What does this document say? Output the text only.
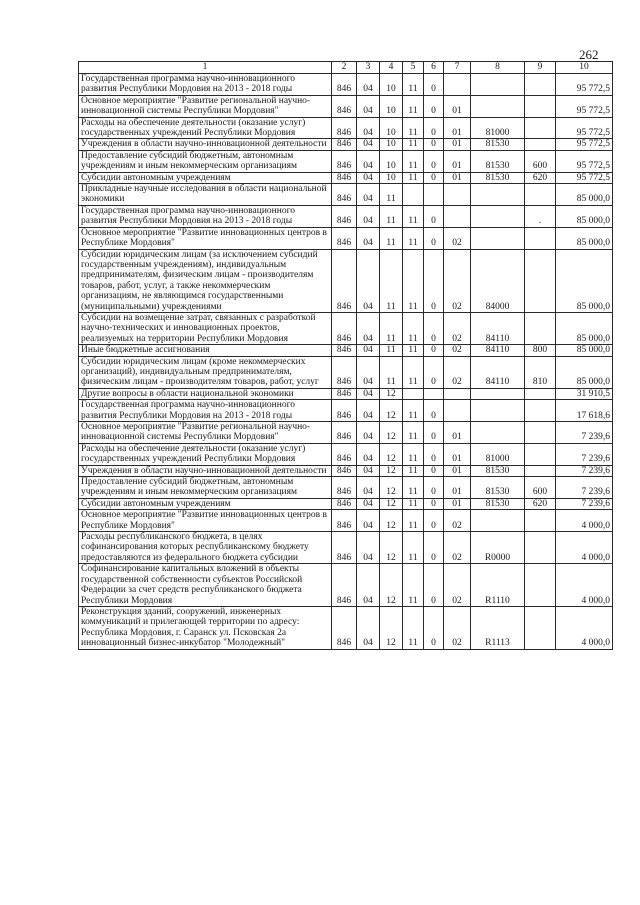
262
1	2	3	4	5	6	7	8	9	10
Государственная программа научно-инновационного развития Республики Мордовия на 2013 - 2018 годы	846	04	10	11	0				95 772,5
Основное мероприятие "Развитие региональной научно-инновационной системы Республики Мордовия"	846	04	10	11	0	01			95 772,5
Расходы на обеспечение деятельности (оказание услуг) государственных учреждений Республики Мордовия	846	04	10	11	0	01	81000		95 772,5
Учреждения в области научно-инновационной деятельности	846	04	10	11	0	01	81530		95 772,5
Предоставление субсидий бюджетным, автономным учреждениям и иным некоммерческим организациям	846	04	10	11	0	01	81530	600	95 772,5
Субсидии автономным учреждениям	846	04	10	11	0	01	81530	620	95 772,5
Прикладные научные исследования в области национальной экономики	846	04	11						85 000,0
Государственная программа научно-инновационного развития Республики Мордовия на 2013 - 2018 годы	846	04	11	11	0			.	85 000,0
Основное мероприятие "Развитие инновационных центров в Республике Мордовия"	846	04	11	11	0	02			85 000,0
Субсидии юридическим лицам (за исключением субсидий государственным учреждениям), индивидуальным предпринимателям, физическим лицам - производителям товаров, работ, услуг, а также некоммерческим организациям, не являющимся государственными (муниципальными) учреждениями	846	04	11	11	0	02	84000		85 000,0
Субсидии на возмещение затрат, связанных с разработкой научно-технических и инновационных проектов, реализуемых на территории Республики Мордовия	846	04	11	11	0	02	84110		85 000,0
Иные бюджетные ассигнования	846	04	11	11	0	02	84110	800	85 000,0
Субсидии юридическим лицам (кроме некоммерческих организаций), индивидуальным предпринимателям, физическим лицам - производителям товаров, работ, услуг	846	04	11	11	0	02	84110	810	85 000,0
Другие вопросы в области национальной экономики	846	04	12						31 910,5
Государственная программа научно-инновационного развития Республики Мордовия на 2013 - 2018 годы	846	04	12	11	0				17 618,6
Основное мероприятие "Развитие региональной научно-инновационной системы Республики Мордовия"	846	04	12	11	0	01			7 239,6
Расходы на обеспечение деятельности (оказание услуг) государственных учреждений Республики Мордовия	846	04	12	11	0	01	81000		7 239,6
Учреждения в области научно-инновационной деятельности	846	04	12	11	0	01	81530		7 239,6
Предоставление субсидий бюджетным, автономным учреждениям и иным некоммерческим организациям	846	04	12	11	0	01	81530	600	7 239,6
Субсидии автономным учреждениям	846	04	12	11	0	01	81530	620	7 239,6
Основное мероприятие "Развитие инновационных центров в Республике Мордовия"	846	04	12	11	0	02			4 000,0
Расходы республиканского бюджета, в целях софинансирования которых республиканскому бюджету предоставляются из федерального бюджета субсидии	846	04	12	11	0	02	R0000		4 000,0
Софинансирование капитальных вложений в объекты государственной собственности субъектов Российской Федерации за счет средств республиканского бюджета Республики Мордовия	846	04	12	11	0	02	R1110		4 000,0
Реконструкция зданий, сооружений, инженерных коммуникаций и прилегающей территории по адресу: Республика Мордовия, г. Саранск ул. Псковская 2а инновационный бизнес-инкубатор "Молодежный"	846	04	12	11	0	02	R1113		4 000,0
